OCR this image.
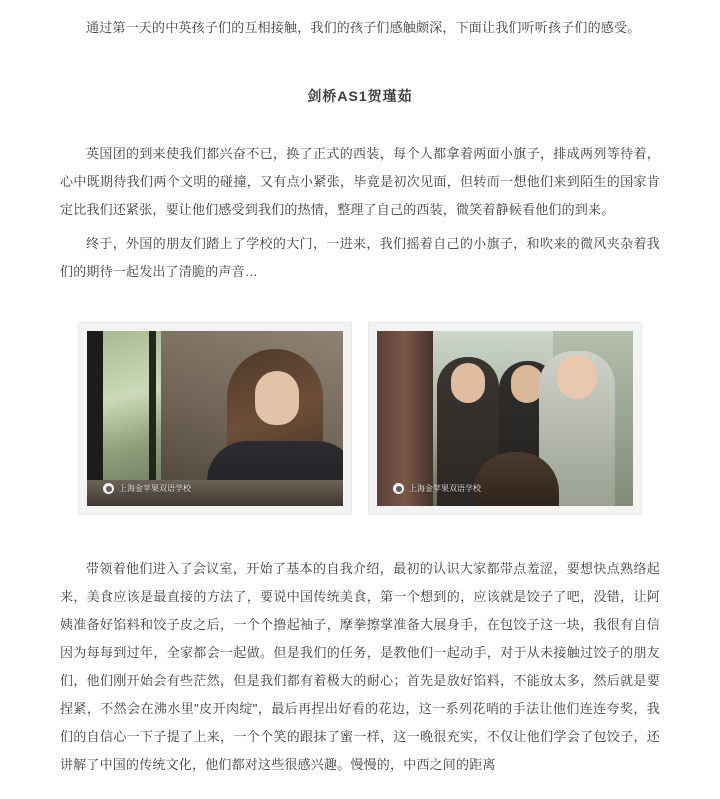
通过第一天的中英孩子们的互相接触，我们的孩子们感触颇深，下面让我们听听孩子们的感受。

剑桥AS1贺瑾茹

英国团的到来使我们都兴奋不已，换了正式的西装，每个人都拿着两面小旗子，排成两列等待着，心中既期待我们两个文明的碰撞，又有点小紧张，毕竟是初次见面，但转而一想他们来到陌生的国家肯定比我们还紧张，要让他们感受到我们的热情，整理了自己的西装，微笑着静候看他们的到来。

终于，外国的朋友们踏上了学校的大门，一进来，我们摇着自己的小旗子，和吹来的微风夹杂着我们的期待一起发出了清脆的声音…

上海金苹果双语学校	上海金苹果双语学校

带领着他们进入了会议室，开始了基本的自我介绍，最初的认识大家都带点羞涩，要想快点熟络起来，美食应该是最直接的方法了，要说中国传统美食，第一个想到的，应该就是饺子了吧，没错，让阿姨准备好馅料和饺子皮之后，一个个撸起袖子，摩拳擦掌准备大展身手，在包饺子这一块，我很有自信因为每每到过年，全家都会一起做。但是我们的任务，是教他们一起动手，对于从未接触过饺子的朋友们，他们刚开始会有些茫然，但是我们都有着极大的耐心；首先是放好馅料，不能放太多，然后就是要捏紧，不然会在沸水里"皮开肉绽"，最后再捏出好看的花边，这一系列花哨的手法让他们连连夸奖，我们的自信心一下子提了上来，一个个笑的跟抹了蜜一样，这一晚很充实，不仅让他们学会了包饺子，还讲解了中国的传统文化，他们都对这些很感兴趣。慢慢的，中西之间的距离
